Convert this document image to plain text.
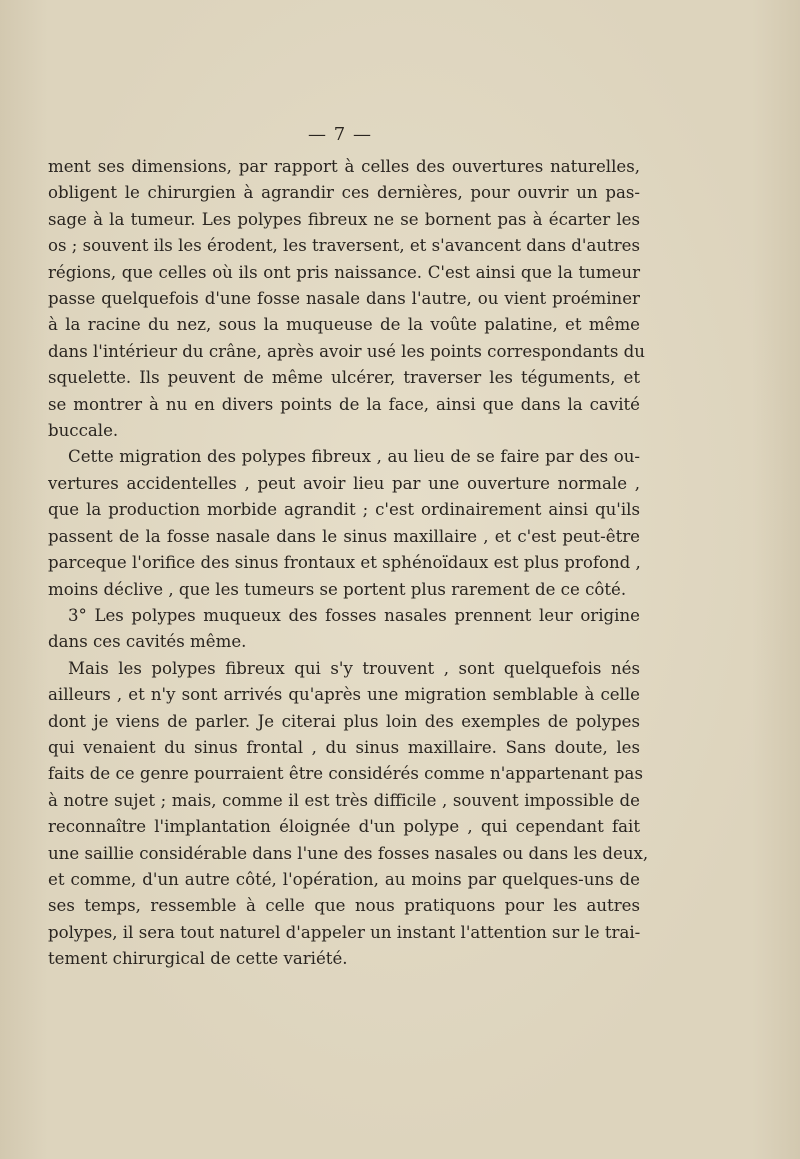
— 7 —

ment ses dimensions, par rapport à celles des ouvertures naturelles,
obligent le chirurgien à agrandir ces dernières, pour ouvrir un pas-
sage à la tumeur. Les polypes fibreux ne se bornent pas à écarter les
os ; souvent ils les érodent, les traversent, et s'avancent dans d'autres
régions, que celles où ils ont pris naissance. C'est ainsi que la tumeur
passe quelquefois d'une fosse nasale dans l'autre, ou vient proéminer
à la racine du nez, sous la muqueuse de la voûte palatine, et même
dans l'intérieur du crâne, après avoir usé les points correspondants du
squelette. Ils peuvent de même ulcérer, traverser les téguments, et
se montrer à nu en divers points de la face, ainsi que dans la cavité
buccale.

Cette migration des polypes fibreux , au lieu de se faire par des ou-
vertures accidentelles , peut avoir lieu par une ouverture normale ,
que la production morbide agrandit ; c'est ordinairement ainsi qu'ils
passent de la fosse nasale dans le sinus maxillaire , et c'est peut-être
parceque l'orifice des sinus frontaux et sphénoïdaux est plus profond ,
moins déclive , que les tumeurs se portent plus rarement de ce côté.

3° Les polypes muqueux des fosses nasales prennent leur origine
dans ces cavités même.

Mais les polypes fibreux qui s'y trouvent , sont quelquefois nés
ailleurs , et n'y sont arrivés qu'après une migration semblable à celle
dont je viens de parler. Je citerai plus loin des exemples de polypes
qui venaient du sinus frontal , du sinus maxillaire. Sans doute, les
faits de ce genre pourraient être considérés comme n'appartenant pas
à notre sujet ; mais, comme il est très difficile , souvent impossible de
reconnaître l'implantation éloignée d'un polype , qui cependant fait
une saillie considérable dans l'une des fosses nasales ou dans les deux,
et comme, d'un autre côté, l'opération, au moins par quelques-uns de
ses temps, ressemble à celle que nous pratiquons pour les autres
polypes, il sera tout naturel d'appeler un instant l'attention sur le trai-
tement chirurgical de cette variété.
